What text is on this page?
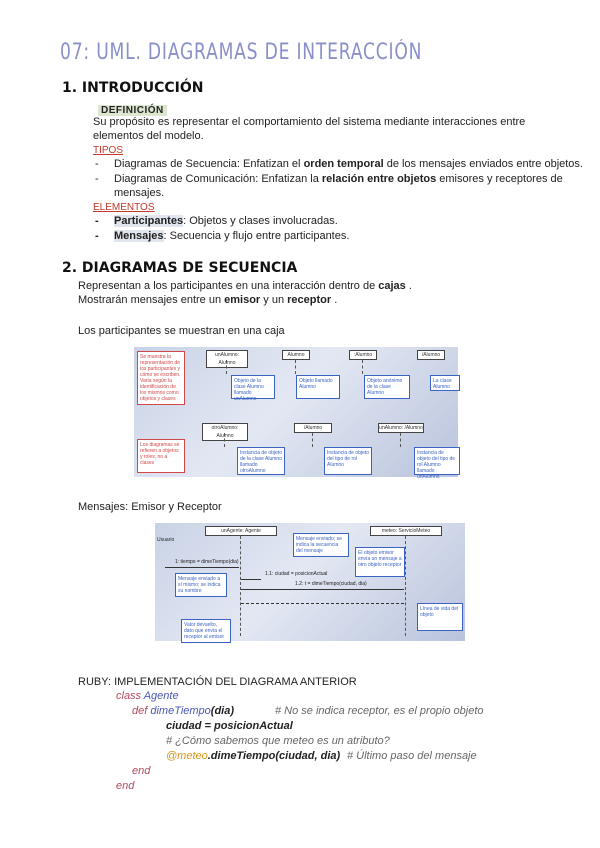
07: UML. DIAGRAMAS DE INTERACCIÓN
1. INTRODUCCIÓN
DEFINICIÓN
Su propósito es representar el comportamiento del sistema mediante interacciones entre
elementos del modelo.
TIPOS
- Diagramas de Secuencia: Enfatizan el orden temporal de los mensajes enviados entre objetos.
- Diagramas de Comunicación: Enfatizan la relación entre objetos emisores y receptores de
mensajes.
ELEMENTOS
- Participantes: Objetos y clases involucradas.
- Mensajes: Secuencia y flujo entre participantes.
2. DIAGRAMAS DE SECUENCIA
Representan a los participantes en una interacción dentro de cajas .
Mostrarán mensajes entre un emisor y un receptor .
Los participantes se muestran en una caja
Se muestra la representación de los participantes y cómo se escriben. Varía según la identificación de los mismos como objetos y clases
Los diagramas se refieren a objetos y roles, no a clases
unAlumno: Alumno
Alumno	:Alumno	/Alumno
Objeto de la clase Alumno llamado unAlumno
Objeto llamado Alumno
Objeto anónimo de la clase Alumno
La clase Alumno
otroAlumno: Alumno
/Alumno	unAlumno: /Alumno
Instancia de objeto de la clase Alumno llamado otroAlumno
Instancia de objeto del tipo de rol Alumno
Instancia de objeto del tipo de rol Alumno llamado unAlumno
Mensajes: Emisor y Receptor
Usuario
unAgente: Agente	meteo: ServicioMeteo
1: tiempo = dimeTiempo(dia)
1.1: ciudad = posicionActual
1.2: t = dimeTiempo(ciudad, dia)
Mensaje enviado; se indica la secuencia del mensaje	El objeto emisor envía un mensaje a otro objeto receptor
Mensaje enviado a sí mismo; se indica su nombre
Valor devuelto, dato que envía el receptor al emisor
Línea de vida del objeto
RUBY: IMPLEMENTACIÓN DEL DIAGRAMA ANTERIOR
class Agente
def dimeTiempo(dia)	# No se indica receptor, es el propio objeto
ciudad = posicionActual
# ¿Cómo sabemos que meteo es un atributo?
@meteo.dimeTiempo(ciudad, dia) # Último paso del mensaje
end
end
